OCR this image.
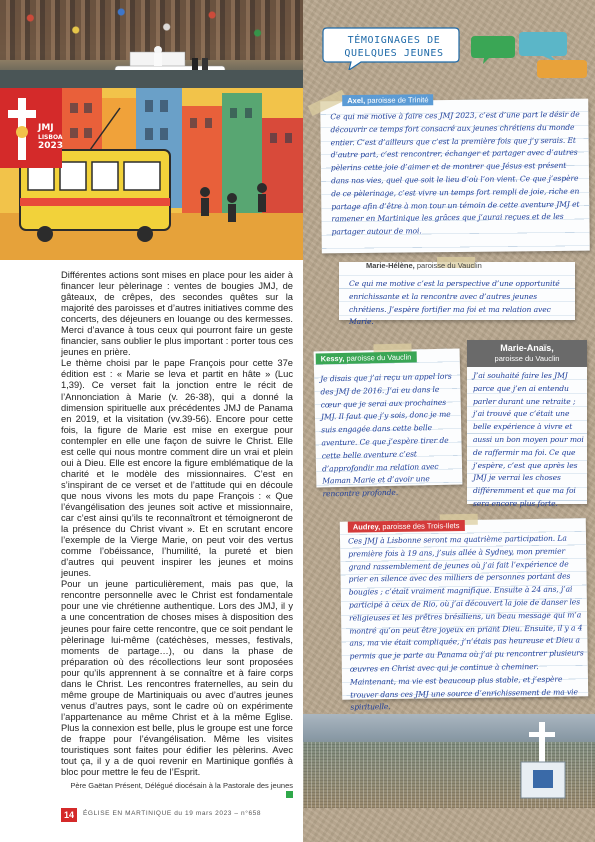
JMJ
LISBOA
2023

Différentes actions sont mises en place pour les aider à financer leur pèlerinage : ventes de bougies JMJ, de gâteaux, de crêpes, des secondes quêtes sur la majorité des paroisses et d’autres initiatives comme des concerts, des déjeuners en louange ou des kermesses. Merci d’avance à tous ceux qui pourront faire un geste financier, sans oublier le plus important : porter tous ces jeunes en prière.

Le thème choisi par le pape François pour cette 37e édition est : « Marie se leva et partit en hâte » (Luc 1,39). Ce verset fait la jonction entre le récit de l’Annonciation à Marie (v. 26-38), qui a donné la dimension spirituelle aux précédentes JMJ de Panama en 2019, et la visitation (vv.39-56). Encore pour cette fois, la figure de Marie est mise en exergue pour contempler en elle une façon de suivre le Christ. Elle est celle qui nous montre comment dire un vrai et plein oui à Dieu. Elle est encore la figure emblématique de la charité et le modèle des missionnaires. C’est en s’inspirant de ce verset et de l’attitude qui en découle que nous vivons les mots du pape François : « Que l’évangélisation des jeunes soit active et missionnaire, car c’est ainsi qu’ils te reconnaîtront et témoigneront de la présence du Christ vivant ». Et en scrutant encore l’exemple de la Vierge Marie, on peut voir des vertus comme l’obéissance, l’humilité, la pureté et bien d’autres qui peuvent inspirer les jeunes et moins jeunes.

Pour un jeune particulièrement, mais pas que, la rencontre personnelle avec le Christ est fondamentale pour une vie chrétienne authentique. Lors des JMJ, il y a une concentration de choses mises à disposition des jeunes pour faire cette rencontre, que ce soit pendant le pèlerinage lui-même (catéchèses, messes, festivals, moments de partage…), ou dans la phase de préparation où des récollections leur sont proposées pour qu’ils apprennent à se connaître et à faire corps dans le Christ. Les rencontres fraternelles, au sein du même groupe de Martiniquais ou avec d’autres jeunes venus d’autres pays, sont le cadre où on expérimente l’appartenance au même Christ et à la même Eglise. Plus la connexion est belle, plus le groupe est une force de frappe pour l’évangélisation. Même les visites touristiques sont faites pour édifier les pèlerins. Avec tout ça, il y a de quoi revenir en Martinique gonflés à bloc pour mettre le feu de l’Esprit.

Père Gaëtan Présent, Délégué diocésain à la Pastorale des jeunes
14	ÉGLISE EN MARTINIQUE du 19 mars 2023 – n°658
TÉMOIGNAGES DE
QUELQUES JEUNES
Axel, paroisse de Trinité
Ce qui me motive à faire ces JMJ 2023, c’est d’une part le désir de découvrir ce temps fort consacré aux jeunes chrétiens du monde entier. C’est d’ailleurs que c’est la première fois que j’y serais. Et d’autre part, c’est rencontrer, échanger et partager avec d’autres pèlerins cette joie d’aimer et de montrer que Jésus est présent dans nos vies, quel que soit le lieu d’où l’on vient. Ce que j’espère de ce pèlerinage, c’est vivre un temps fort rempli de joie, riche en partage afin d’être à mon tour un témoin de cette aventure JMJ et ramener en Martinique les grâces que j’aurai reçues et de les partager autour de moi.
Marie-Hélène, paroisse du Vauclin
Ce qui me motive c’est la perspective d’une opportunité enrichissante et la rencontre avec d’autres jeunes chrétiens. J’espère fortifier ma foi et ma relation avec Marie.
Kessy, paroisse du Vauclin
Je disais que j’ai reçu un appel lors des JMJ de 2016. J’ai eu dans le cœur que je serai aux prochaines JMJ. Il faut que j’y sois, donc je me suis engagée dans cette belle aventure. Ce que j’espère tirer de cette belle aventure c’est d’approfondir ma relation avec Maman Marie et d’avoir une rencontre profonde.
Marie-Anaïs,
paroisse du Vauclin
J’ai souhaité faire les JMJ parce que j’en ai entendu parler durant une retraite ; j’ai trouvé que c’était une belle expérience à vivre et aussi un bon moyen pour moi de raffermir ma foi. Ce que j’espère, c’est que après les JMJ je verrai les choses différemment et que ma foi sera encore plus forte.
Audrey, paroisse des Trois-Ilets
Ces JMJ à Lisbonne seront ma quatrième participation. La première fois à 19 ans, j’suis allée à Sydney, mon premier grand rassemblement de jeunes où j’ai fait l’expérience de prier en silence avec des milliers de personnes portant des bougies ; c’était vraiment magnifique. Ensuite à 24 ans, j’ai participé à ceux de Rio, où j’ai découvert la joie de danser les religieuses et les prêtres brésiliens, un beau message qui m’a montré qu’on peut être joyeux en priant Dieu. Ensuite, il y a 4 ans, ma vie était compliquée, j’n’étais pas heureuse et Dieu a permis que je parte au Panama où j’ai pu rencontrer plusieurs œuvres en Christ avec qui je continue à cheminer. Maintenant, ma vie est beaucoup plus stable, et j’espère trouver dans ces JMJ une source d’enrichissement de ma vie spirituelle.
